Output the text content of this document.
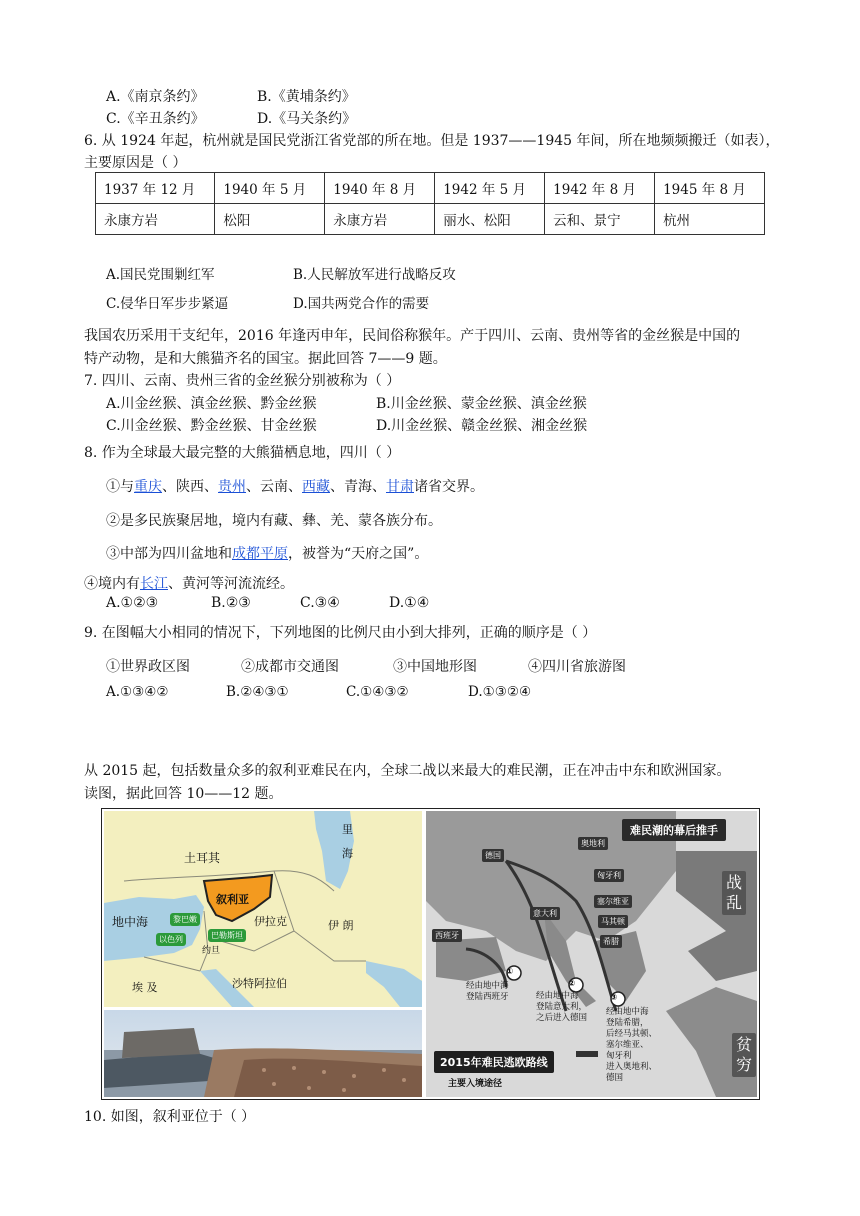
A.《南京条约》	B.《黄埔条约》
C.《辛丑条约》	D.《马关条约》
6. 从 1924 年起，杭州就是国民党浙江省党部的所在地。但是 1937——1945 年间，所在地频频搬迁（如表），
主要原因是（ ）
1937 年 12 月	1940 年 5 月	1940 年 8 月	1942 年 5 月	1942 年 8 月	1945 年 8 月
永康方岩	松阳	永康方岩	丽水、松阳	云和、景宁	杭州
A.国民党围剿红军	B.人民解放军进行战略反攻
C.侵华日军步步紧逼	D.国共两党合作的需要
我国农历采用干支纪年，2016 年逢丙申年，民间俗称猴年。产于四川、云南、贵州等省的金丝猴是中国的
特产动物，是和大熊猫齐名的国宝。据此回答 7——9 题。
7. 四川、云南、贵州三省的金丝猴分别被称为（ ）
A.川金丝猴、滇金丝猴、黔金丝猴	B.川金丝猴、蒙金丝猴、滇金丝猴
C.川金丝猴、黔金丝猴、甘金丝猴	D.川金丝猴、赣金丝猴、湘金丝猴
8. 作为全球最大最完整的大熊猫栖息地，四川（ ）
①与重庆、陕西、贵州、云南、西藏、青海、甘肃诸省交界。
②是多民族聚居地，境内有藏、彝、羌、蒙各族分布。
③中部为四川盆地和成都平原，被誉为“天府之国”。
④境内有长江、黄河等河流流经。
A.①②③	B.②③	C.③④	D.①④
9. 在图幅大小相同的情况下，下列地图的比例尺由小到大排列，正确的顺序是（ ）
①世界政区图	②成都市交通图	③中国地形图	④四川省旅游图
A.①③④②	B.②④③①	C.①④③②	D.①③②④
从 2015 起，包括数量众多的叙利亚难民在内，全球二战以来最大的难民潮，正在冲击中东和欧洲国家。
读图，据此回答 10——12 题。
土耳其
里
海
地中海
叙利亚
黎巴嫩
以色列	巴勒斯坦
约旦
伊拉克	伊 朗
埃 及	沙特阿拉伯
难民潮的幕后推手
战
乱
贫
穷
德国
奥地利
匈牙利
塞尔维亚
马其顿
希腊
意大利
西班牙
①
②
③
经由地中海
登陆西班牙	经由地中海
登陆意大利，
之后进入德国
经由地中海
登陆希腊，
后经马其顿、
塞尔维亚、
匈牙利
进入奥地利、
德国
2015年难民逃欧路线
主要入境途径
10. 如图，叙利亚位于（ ）
